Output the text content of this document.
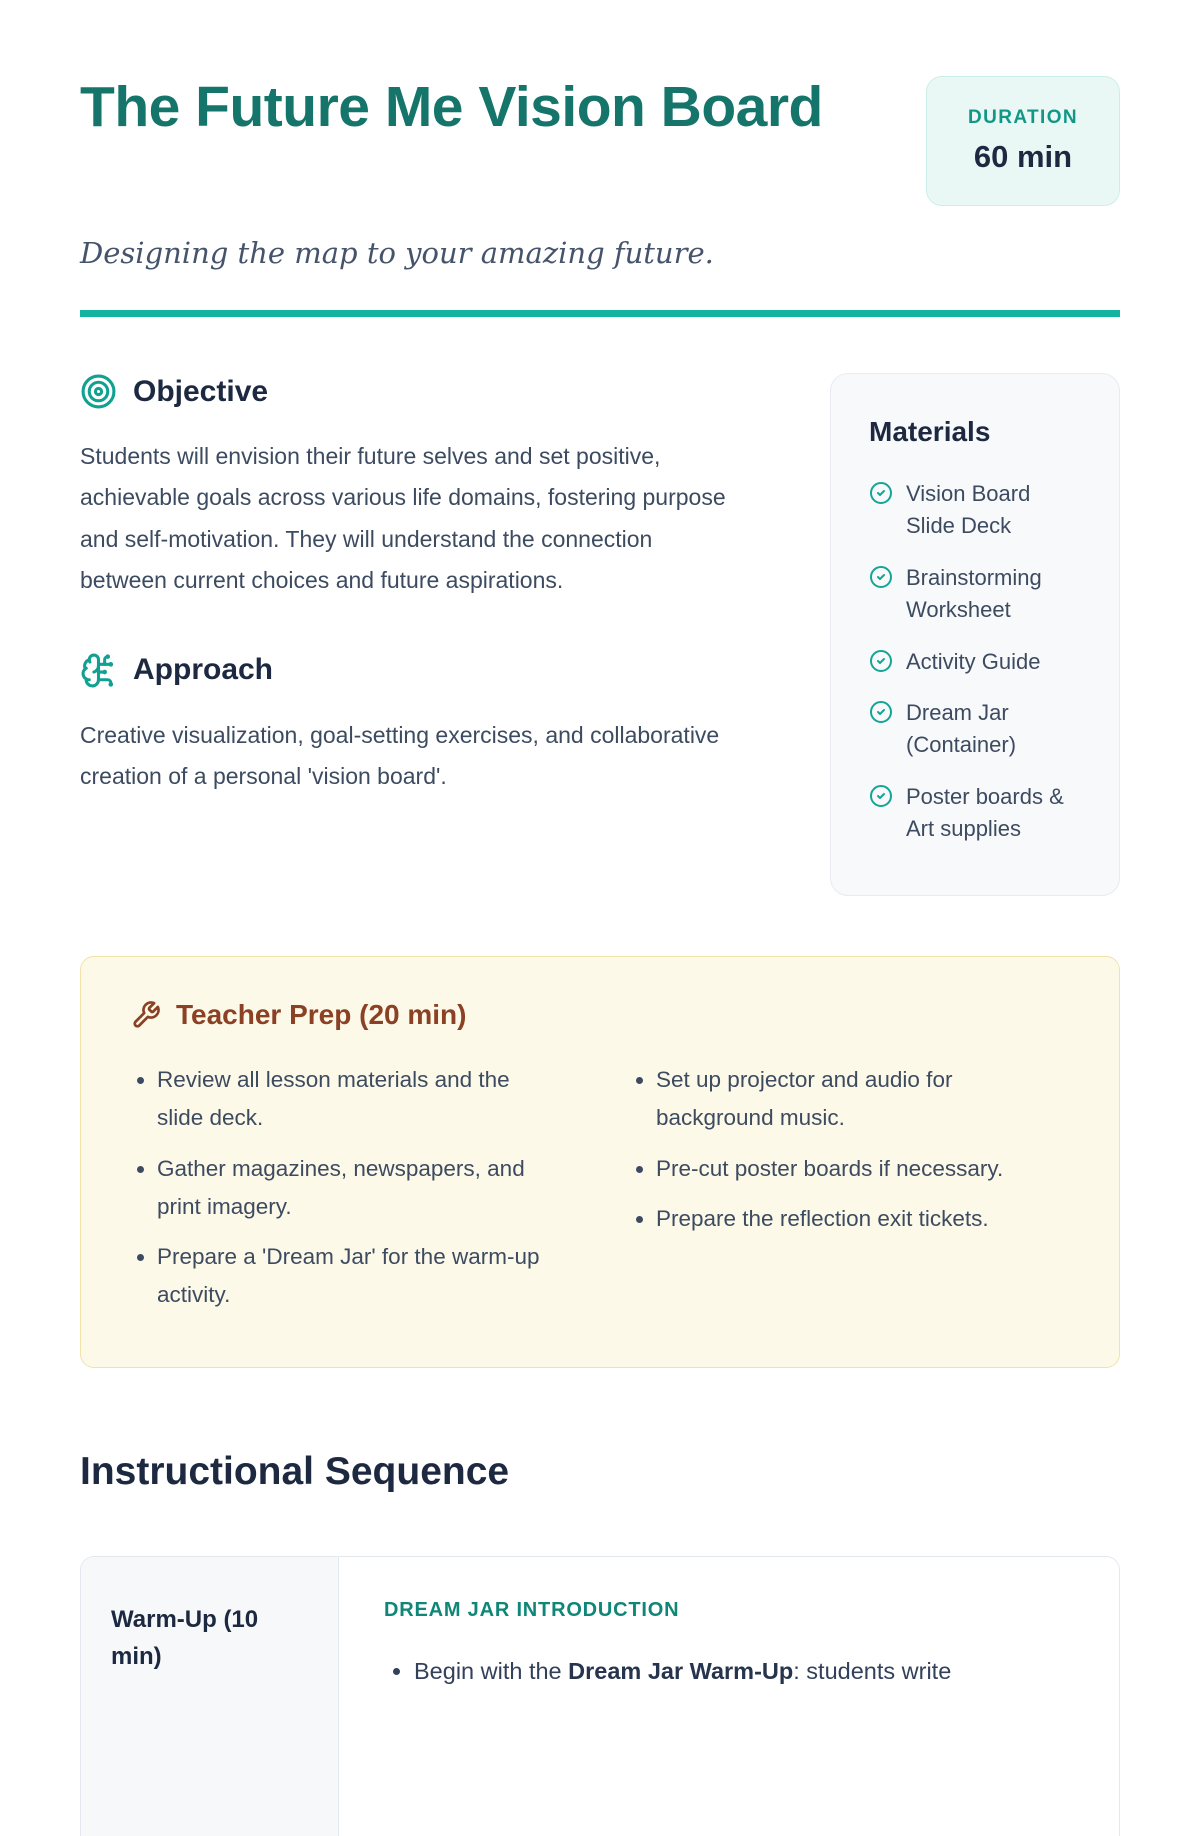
The Future Me Vision Board	DURATION
60 min
Designing the map to your amazing future.
Objective

Students will envision their future selves and set positive, achievable goals across various life domains, fostering purpose and self-motivation. They will understand the connection between current choices and future aspirations.

Approach

Creative visualization, goal-setting exercises, and collaborative creation of a personal 'vision board'.

Materials
Vision Board Slide Deck
Brainstorming Worksheet
Activity Guide
Dream Jar (Container)
Poster boards & Art supplies
Teacher Prep (20 min)
• Review all lesson materials and the slide deck.
• Gather magazines, newspapers, and print imagery.
• Prepare a 'Dream Jar' for the warm-up activity.
• Set up projector and audio for background music.
• Pre-cut poster boards if necessary.
• Prepare the reflection exit tickets.
Instructional Sequence
Warm-Up (10 min)
DREAM JAR INTRODUCTION
• Begin with the Dream Jar Warm-Up: students write
